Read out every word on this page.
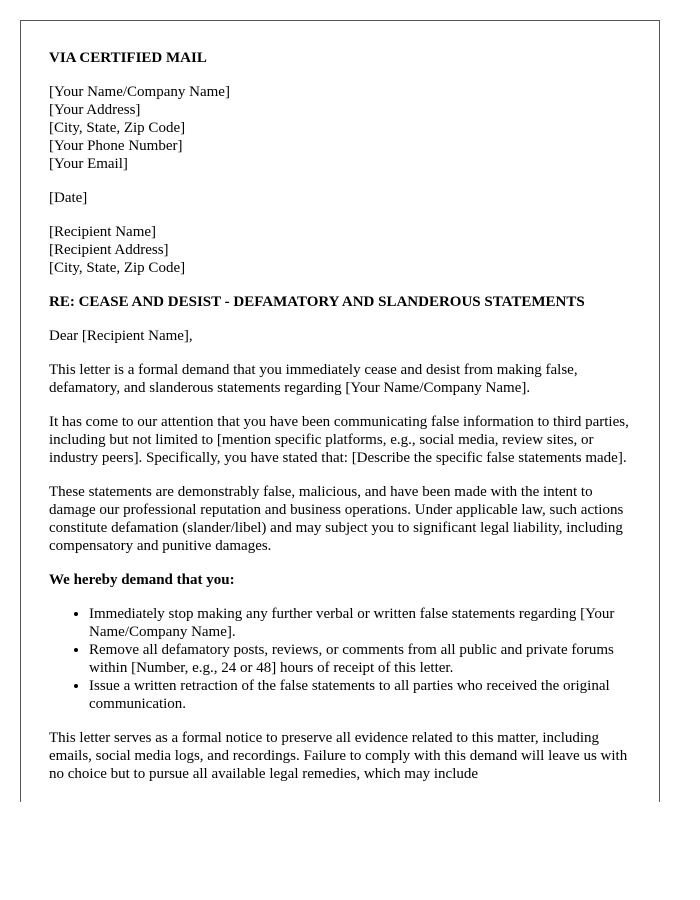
VIA CERTIFIED MAIL

[Your Name/Company Name]
[Your Address]
[City, State, Zip Code]
[Your Phone Number]
[Your Email]

[Date]

[Recipient Name]
[Recipient Address]
[City, State, Zip Code]

RE: CEASE AND DESIST - DEFAMATORY AND SLANDEROUS STATEMENTS

Dear [Recipient Name],

This letter is a formal demand that you immediately cease and desist from making false, defamatory, and slanderous statements regarding [Your Name/Company Name].

It has come to our attention that you have been communicating false information to third parties, including but not limited to [mention specific platforms, e.g., social media, review sites, or industry peers]. Specifically, you have stated that: [Describe the specific false statements made].

These statements are demonstrably false, malicious, and have been made with the intent to damage our professional reputation and business operations. Under applicable law, such actions constitute defamation (slander/libel) and may subject you to significant legal liability, including compensatory and punitive damages.

We hereby demand that you:

• Immediately stop making any further verbal or written false statements regarding [Your Name/Company Name].
• Remove all defamatory posts, reviews, or comments from all public and private forums within [Number, e.g., 24 or 48] hours of receipt of this letter.
• Issue a written retraction of the false statements to all parties who received the original communication.

This letter serves as a formal notice to preserve all evidence related to this matter, including emails, social media logs, and recordings. Failure to comply with this demand will leave us with no choice but to pursue all available legal remedies, which may include
